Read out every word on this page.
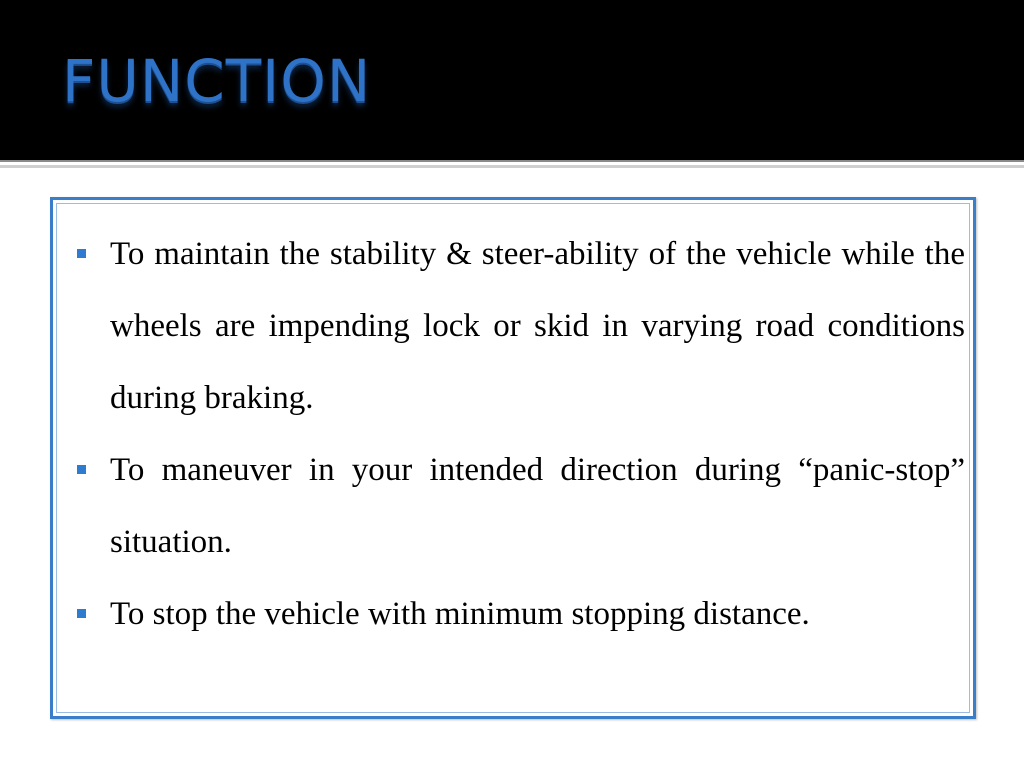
FUNCTION
To maintain the stability & steer-ability of the vehicle while the wheels are impending lock or skid in varying road conditions during braking.
To maneuver in your intended direction during “panic-stop” situation.
To stop the vehicle with minimum stopping distance.
